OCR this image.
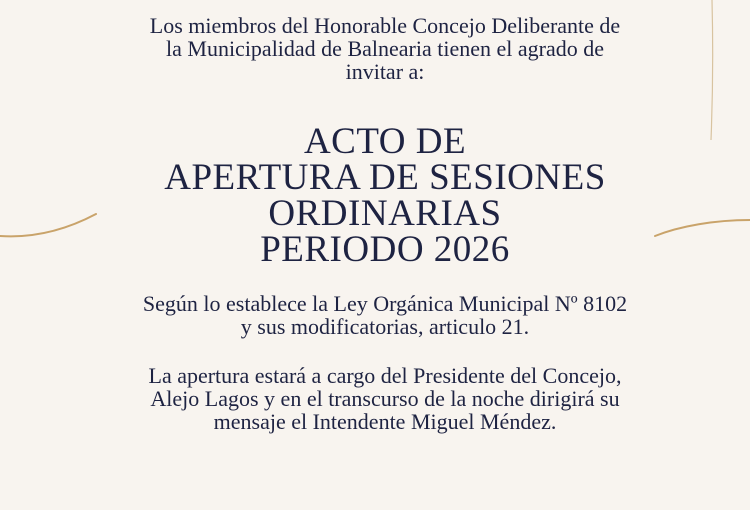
Los miembros del Honorable Concejo Deliberante de
la Municipalidad de Balnearia tienen el agrado de
invitar a:
ACTO DE
APERTURA DE SESIONES
ORDINARIAS
PERIODO 2026
Según lo establece la Ley Orgánica Municipal Nº 8102
y sus modificatorias, articulo 21.
La apertura estará a cargo del Presidente del Concejo,
Alejo Lagos y en el transcurso de la noche dirigirá su
mensaje el Intendente Miguel Méndez.
